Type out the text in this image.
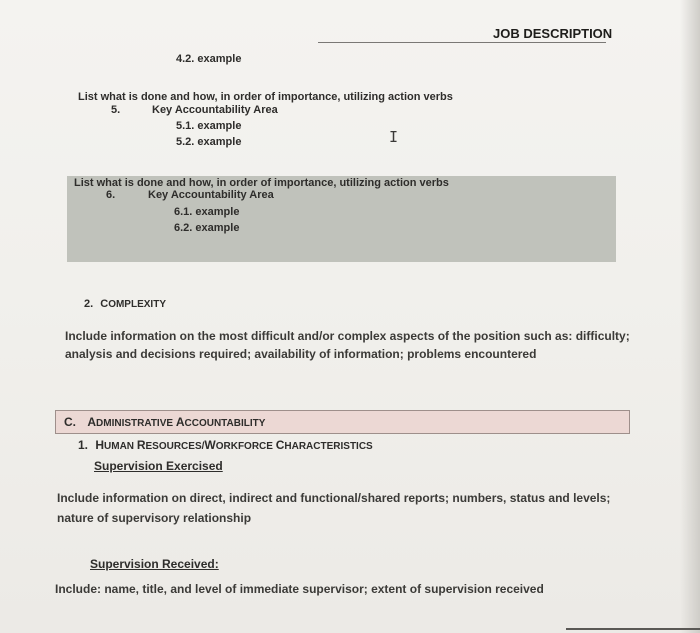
JOB DESCRIPTION
4.2. example
List what is done and how, in order of importance, utilizing action verbs
5.	Key Accountability Area
5.1. example
5.2. example	I
List what is done and how, in order of importance, utilizing action verbs
6.	Key Accountability Area
6.1. example
6.2. example
2. COMPLEXITY
Include information on the most difficult and/or complex aspects of the position such as: difficulty;
analysis and decisions required; availability of information; problems encountered
C. ADMINISTRATIVE ACCOUNTABILITY
1. HUMAN RESOURCES/WORKFORCE CHARACTERISTICS
Supervision Exercised
Include information on direct, indirect and functional/shared reports; numbers, status and levels;
nature of supervisory relationship
Supervision Received:
Include: name, title, and level of immediate supervisor; extent of supervision received
